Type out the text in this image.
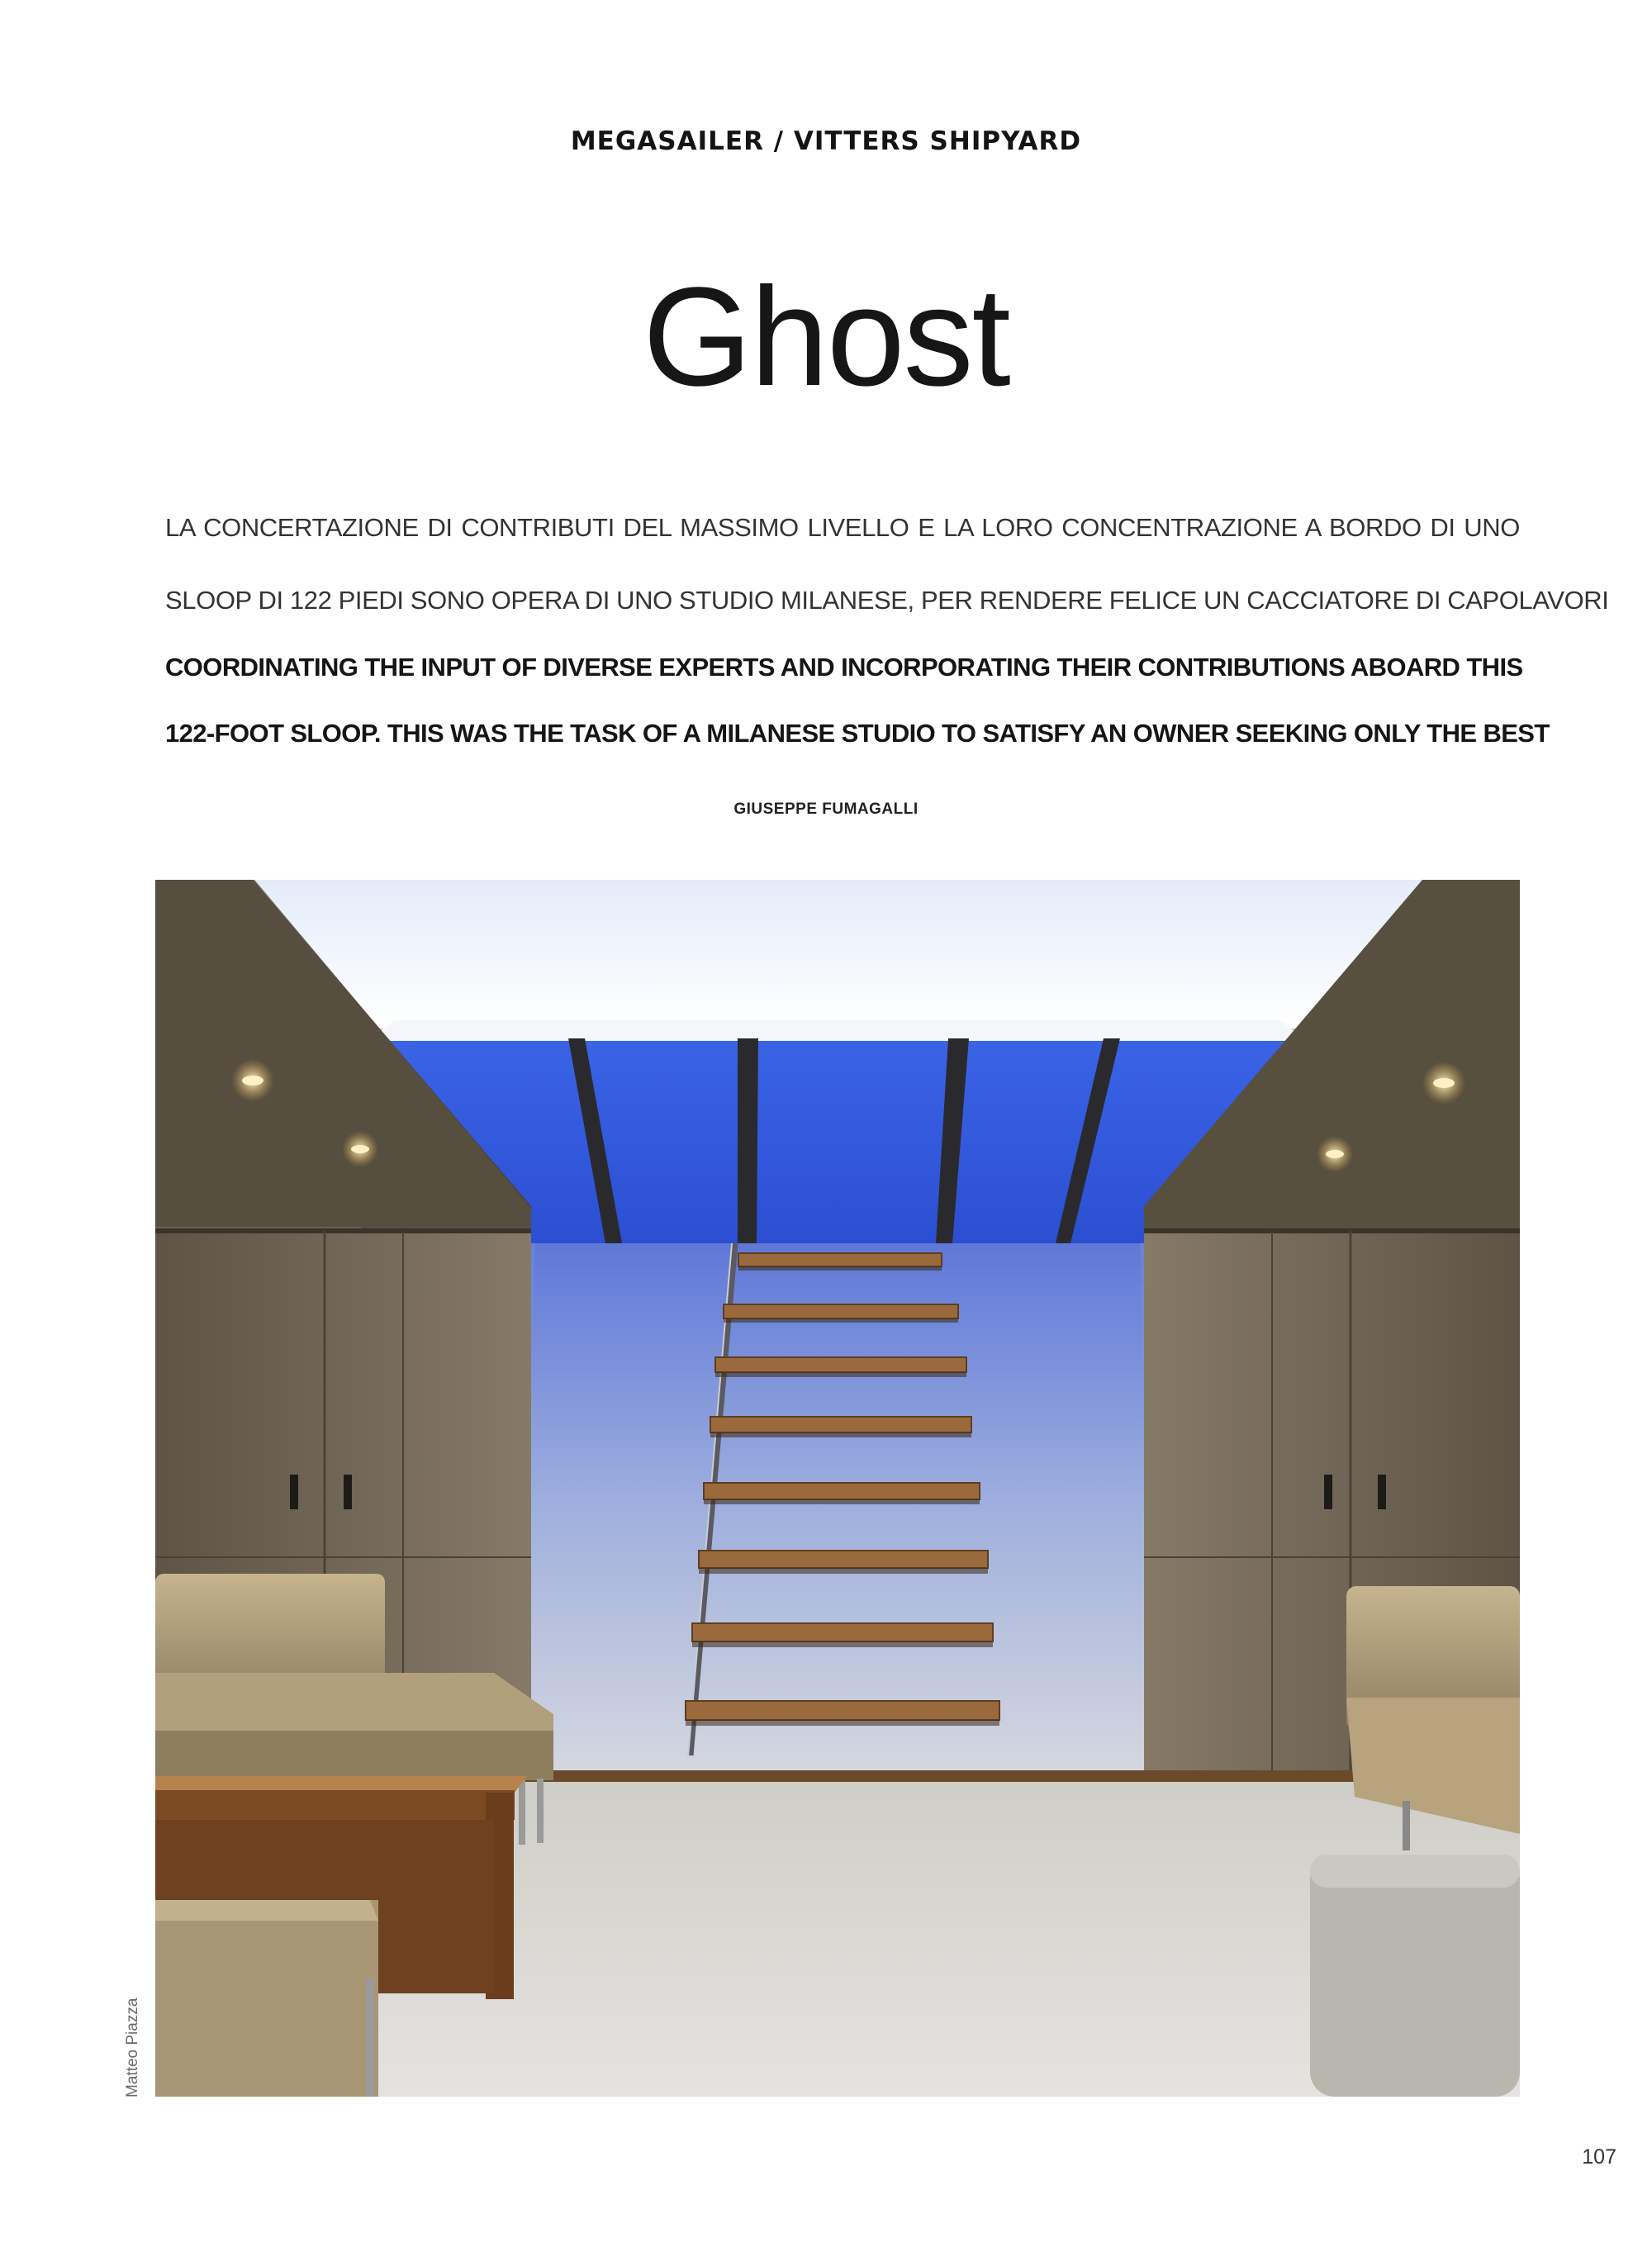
MEGASAILER / VITTERS SHIPYARD
Ghost
LA CONCERTAZIONE DI CONTRIBUTI DEL MASSIMO LIVELLO E LA LORO CONCENTRAZIONE A BORDO DI UNO
SLOOP DI 122 PIEDI SONO OPERA DI UNO STUDIO MILANESE, PER RENDERE FELICE UN CACCIATORE DI CAPOLAVORI
COORDINATING THE INPUT OF DIVERSE EXPERTS AND INCORPORATING THEIR CONTRIBUTIONS ABOARD THIS
122-FOOT SLOOP. THIS WAS THE TASK OF A MILANESE STUDIO TO SATISFY AN OWNER SEEKING ONLY THE BEST
GIUSEPPE FUMAGALLI
Matteo Piazza
107
